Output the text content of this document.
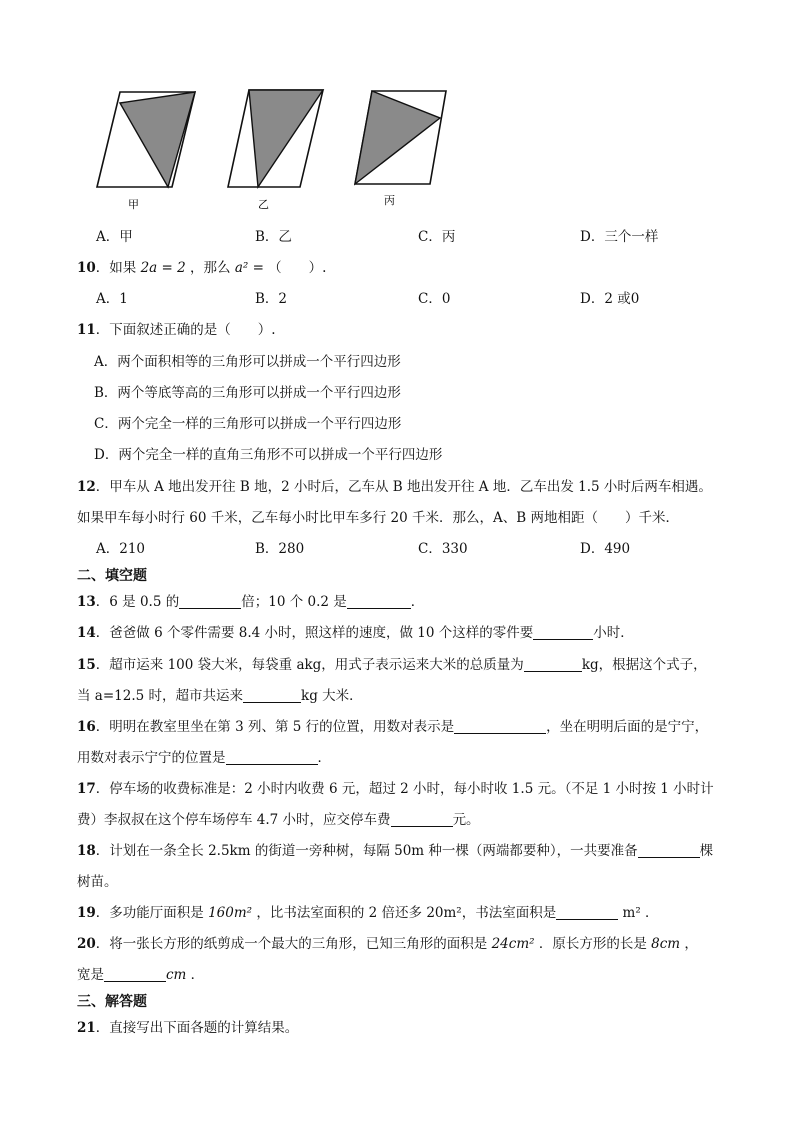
甲	乙	丙
A．甲	B．乙	C．丙	D．三个一样
10．如果 2a = 2 ，那么 a² = （　　）.
A．1	B．2	C．0	D．2 或0
11．下面叙述正确的是（　　）.
A．两个面积相等的三角形可以拼成一个平行四边形
B．两个等底等高的三角形可以拼成一个平行四边形
C．两个完全一样的三角形可以拼成一个平行四边形
D．两个完全一样的直角三角形不可以拼成一个平行四边形
12．甲车从 A 地出发开往 B 地，2 小时后，乙车从 B 地出发开往 A 地．乙车出发 1.5 小时后两车相遇。
如果甲车每小时行 60 千米，乙车每小时比甲车多行 20 千米．那么，A、B 两地相距（　　）千米．
A．210	B．280	C．330	D．490
二、填空题
13．6 是 0.5 的	倍；10 个 0.2 是	．
14．爸爸做 6 个零件需要 8.4 小时，照这样的速度，做 10 个这样的零件要	小时．
15．超市运来 100 袋大米，每袋重 akg，用式子表示运来大米的总质量为	kg，根据这个式子，
当 a=12.5 时，超市共运来	kg 大米．
16．明明在教室里坐在第 3 列、第 5 行的位置，用数对表示是	，坐在明明后面的是宁宁，
用数对表示宁宁的位置是	．
17．停车场的收费标准是：2 小时内收费 6 元，超过 2 小时，每小时收 1.5 元。（不足 1 小时按 1 小时计
费）李叔叔在这个停车场停车 4.7 小时，应交停车费	元。
18．计划在一条全长 2.5km 的街道一旁种树，每隔 50m 种一棵（两端都要种），一共要准备	棵
树苗。
19．多功能厅面积是 160m² ，比书法室面积的 2 倍还多 20m²，书法室面积是	m² ．
20．将一张长方形的纸剪成一个最大的三角形，已知三角形的面积是 24cm² ．原长方形的长是 8cm ，
宽是	cm ．
三、解答题
21．直接写出下面各题的计算结果。
